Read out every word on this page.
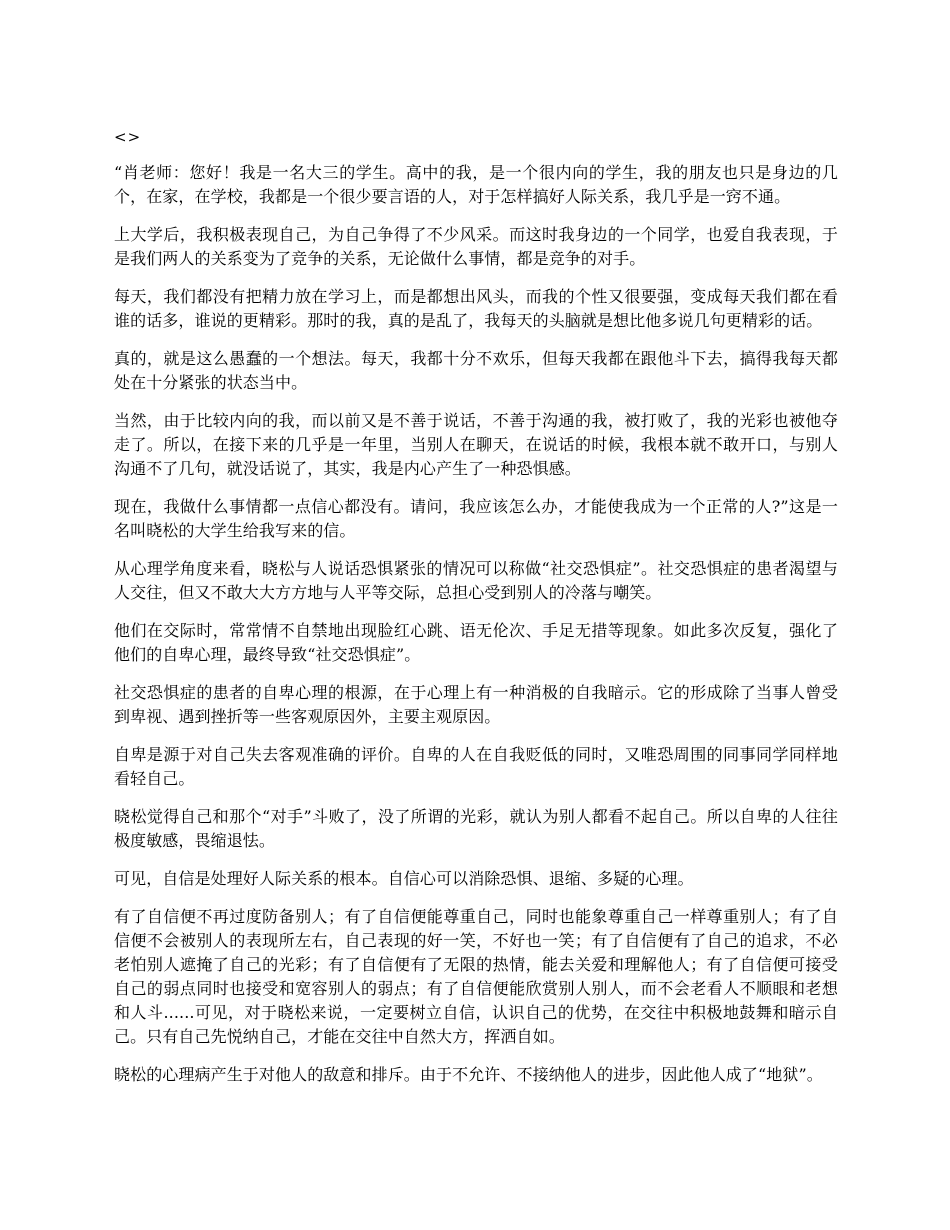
<>

“肖老师：您好！我是一名大三的学生。高中的我，是一个很内向的学生，我的朋友也只是身边的几个，在家，在学校，我都是一个很少要言语的人，对于怎样搞好人际关系，我几乎是一窍不通。

上大学后，我积极表现自己，为自己争得了不少风采。而这时我身边的一个同学，也爱自我表现，于是我们两人的关系变为了竞争的关系，无论做什么事情，都是竞争的对手。

每天，我们都没有把精力放在学习上，而是都想出风头，而我的个性又很要强，变成每天我们都在看谁的话多，谁说的更精彩。那时的我，真的是乱了，我每天的头脑就是想比他多说几句更精彩的话。

真的，就是这么愚蠢的一个想法。每天，我都十分不欢乐，但每天我都在跟他斗下去，搞得我每天都处在十分紧张的状态当中。

当然，由于比较内向的我，而以前又是不善于说话，不善于沟通的我，被打败了，我的光彩也被他夺走了。所以，在接下来的几乎是一年里，当别人在聊天，在说话的时候，我根本就不敢开口，与别人沟通不了几句，就没话说了，其实，我是内心产生了一种恐惧感。

现在，我做什么事情都一点信心都没有。请问，我应该怎么办，才能使我成为一个正常的人?”这是一名叫晓松的大学生给我写来的信。

从心理学角度来看，晓松与人说话恐惧紧张的情况可以称做“社交恐惧症”。社交恐惧症的患者渴望与人交往，但又不敢大大方方地与人平等交际，总担心受到别人的冷落与嘲笑。

他们在交际时，常常情不自禁地出现脸红心跳、语无伦次、手足无措等现象。如此多次反复，强化了他们的自卑心理，最终导致“社交恐惧症”。

社交恐惧症的患者的自卑心理的根源，在于心理上有一种消极的自我暗示。它的形成除了当事人曾受到卑视、遇到挫折等一些客观原因外，主要主观原因。

自卑是源于对自己失去客观准确的评价。自卑的人在自我贬低的同时，又唯恐周围的同事同学同样地看轻自己。

晓松觉得自己和那个“对手”斗败了，没了所谓的光彩，就认为别人都看不起自己。所以自卑的人往往极度敏感，畏缩退怯。

可见，自信是处理好人际关系的根本。自信心可以消除恐惧、退缩、多疑的心理。

有了自信便不再过度防备别人；有了自信便能尊重自己，同时也能象尊重自己一样尊重别人；有了自信便不会被别人的表现所左右，自己表现的好一笑，不好也一笑；有了自信便有了自己的追求，不必老怕别人遮掩了自己的光彩；有了自信便有了无限的热情，能去关爱和理解他人；有了自信便可接受自己的弱点同时也接受和宽容别人的弱点；有了自信便能欣赏别人别人，而不会老看人不顺眼和老想和人斗......可见，对于晓松来说，一定要树立自信，认识自己的优势，在交往中积极地鼓舞和暗示自己。只有自己先悦纳自己，才能在交往中自然大方，挥洒自如。

晓松的心理病产生于对他人的敌意和排斥。由于不允许、不接纳他人的进步，因此他人成了“地狱”。
